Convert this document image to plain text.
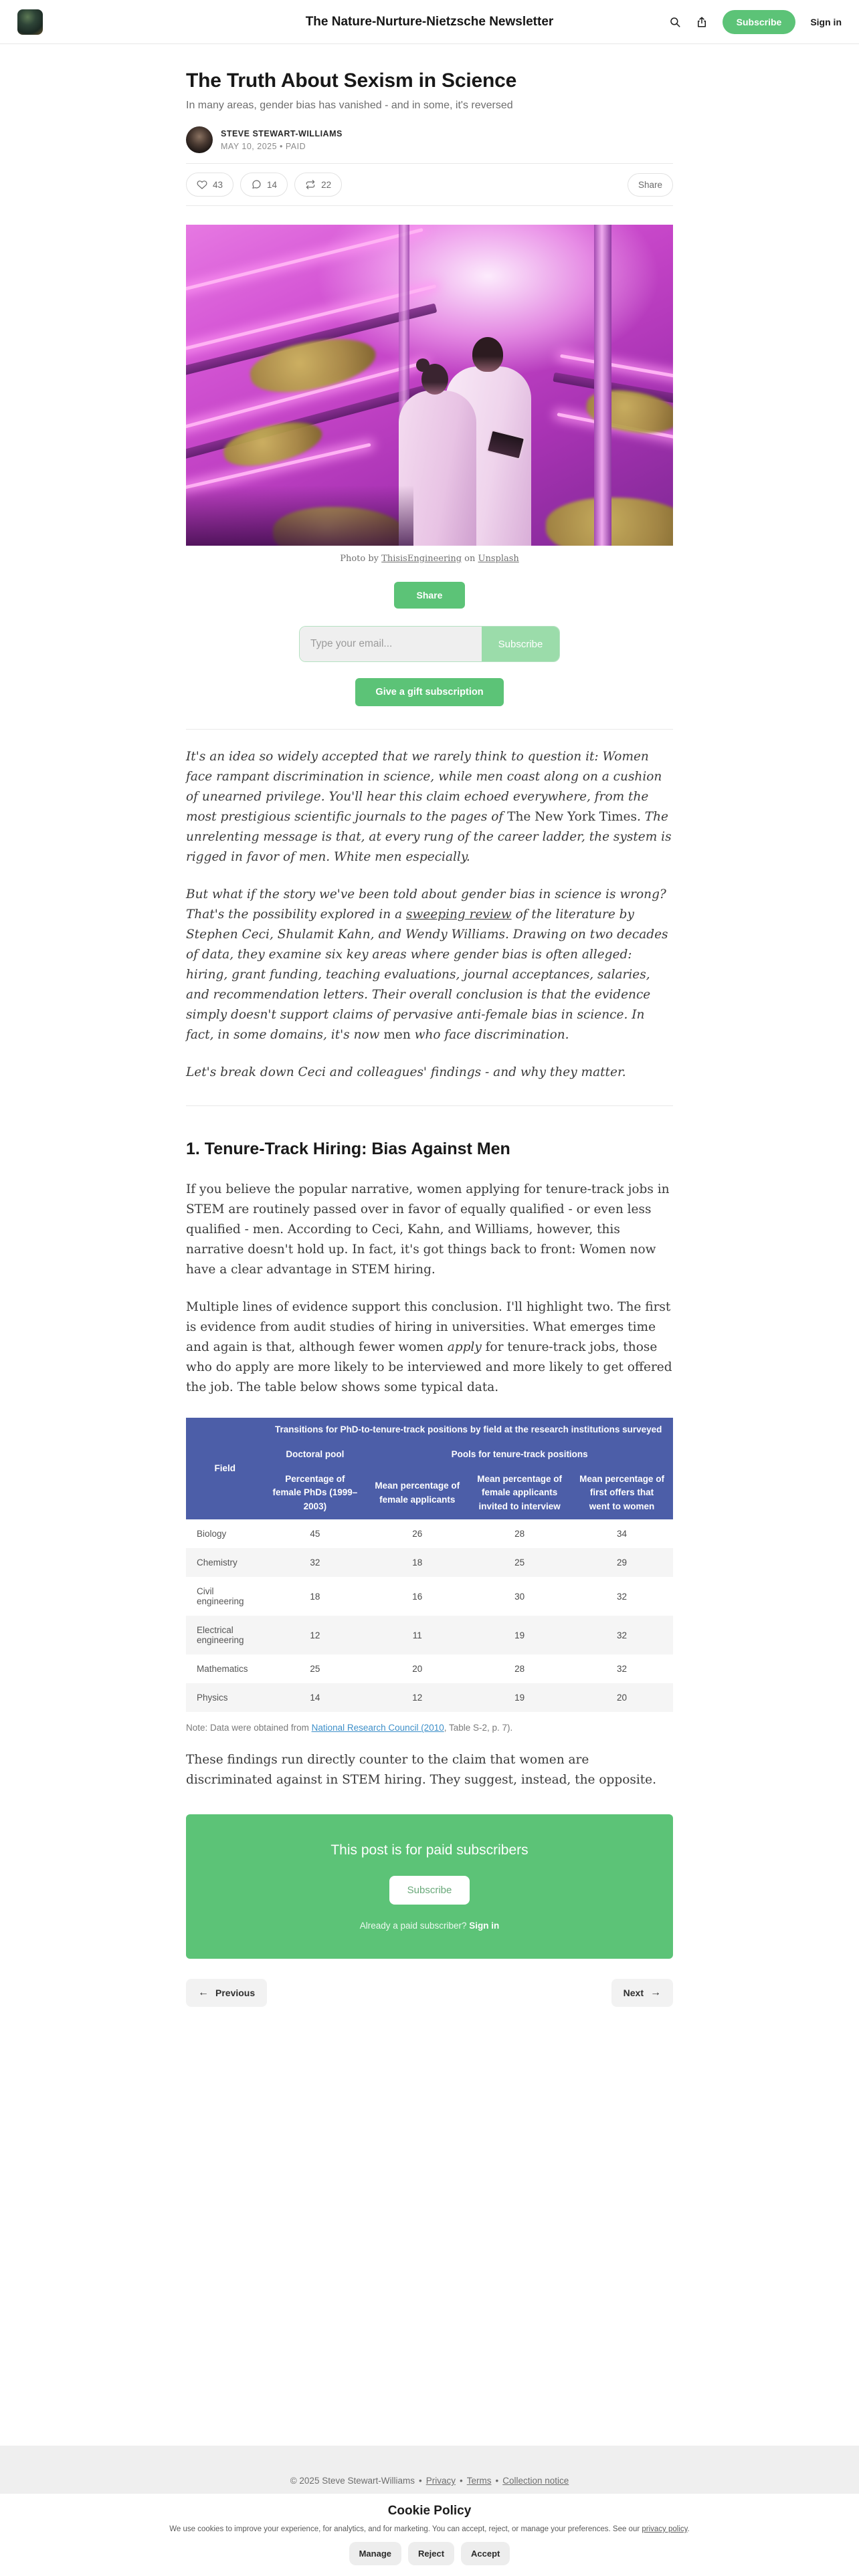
The Nature-Nurture-Nietzsche Newsletter	Subscribe	Sign in
The Truth About Sexism in Science
In many areas, gender bias has vanished - and in some, it's reversed
STEVE STEWART-WILLIAMS
MAY 10, 2025 • PAID
43	14	22	Share
Photo by ThisisEngineering on Unsplash
Share
Type your email...
Subscribe
Give a gift subscription

It's an idea so widely accepted that we rarely think to question it: Women face rampant discrimination in science, while men coast along on a cushion of unearned privilege. You'll hear this claim echoed everywhere, from the most prestigious scientific journals to the pages of The New York Times. The unrelenting message is that, at every rung of the career ladder, the system is rigged in favor of men. White men especially.

But what if the story we've been told about gender bias in science is wrong? That's the possibility explored in a sweeping review of the literature by Stephen Ceci, Shulamit Kahn, and Wendy Williams. Drawing on two decades of data, they examine six key areas where gender bias is often alleged: hiring, grant funding, teaching evaluations, journal acceptances, salaries, and recommendation letters. Their overall conclusion is that the evidence simply doesn't support claims of pervasive anti-female bias in science. In fact, in some domains, it's now men who face discrimination.

Let's break down Ceci and colleagues' findings - and why they matter.

1. Tenure-Track Hiring: Bias Against Men

If you believe the popular narrative, women applying for tenure-track jobs in STEM are routinely passed over in favor of equally qualified - or even less qualified - men. According to Ceci, Kahn, and Williams, however, this narrative doesn't hold up. In fact, it's got things back to front: Women now have a clear advantage in STEM hiring.

Multiple lines of evidence support this conclusion. I'll highlight two. The first is evidence from audit studies of hiring in universities. What emerges time and again is that, although fewer women apply for tenure-track jobs, those who do apply are more likely to be interviewed and more likely to get offered the job. The table below shows some typical data.

Field	Transitions for PhD-to-tenure-track positions by field at the research institutions surveyed			
	Doctoral pool	Pools for tenure-track positions		
	Percentage of female PhDs (1999–2003)	Mean percentage of female applicants	Mean percentage of female applicants invited to interview	Mean percentage of first offers that went to women
Biology	45	26	28	34
Chemistry	32	18	25	29
Civil engineering	18	16	30	32
Electrical engineering	12	11	19	32
Mathematics	25	20	28	32
Physics	14	12	19	20
Note: Data were obtained from National Research Council (2010, Table S-2, p. 7).

These findings run directly counter to the claim that women are discriminated against in STEM hiring. They suggest, instead, the opposite.

This post is for paid subscribers
Subscribe
Already a paid subscriber? Sign in
← Previous	Next →
© 2025 Steve Stewart-Williams • Privacy • Terms • Collection notice
Cookie Policy
We use cookies to improve your experience, for analytics, and for marketing. You can accept, reject, or manage your preferences. See our privacy policy.
Manage	Reject	Accept
